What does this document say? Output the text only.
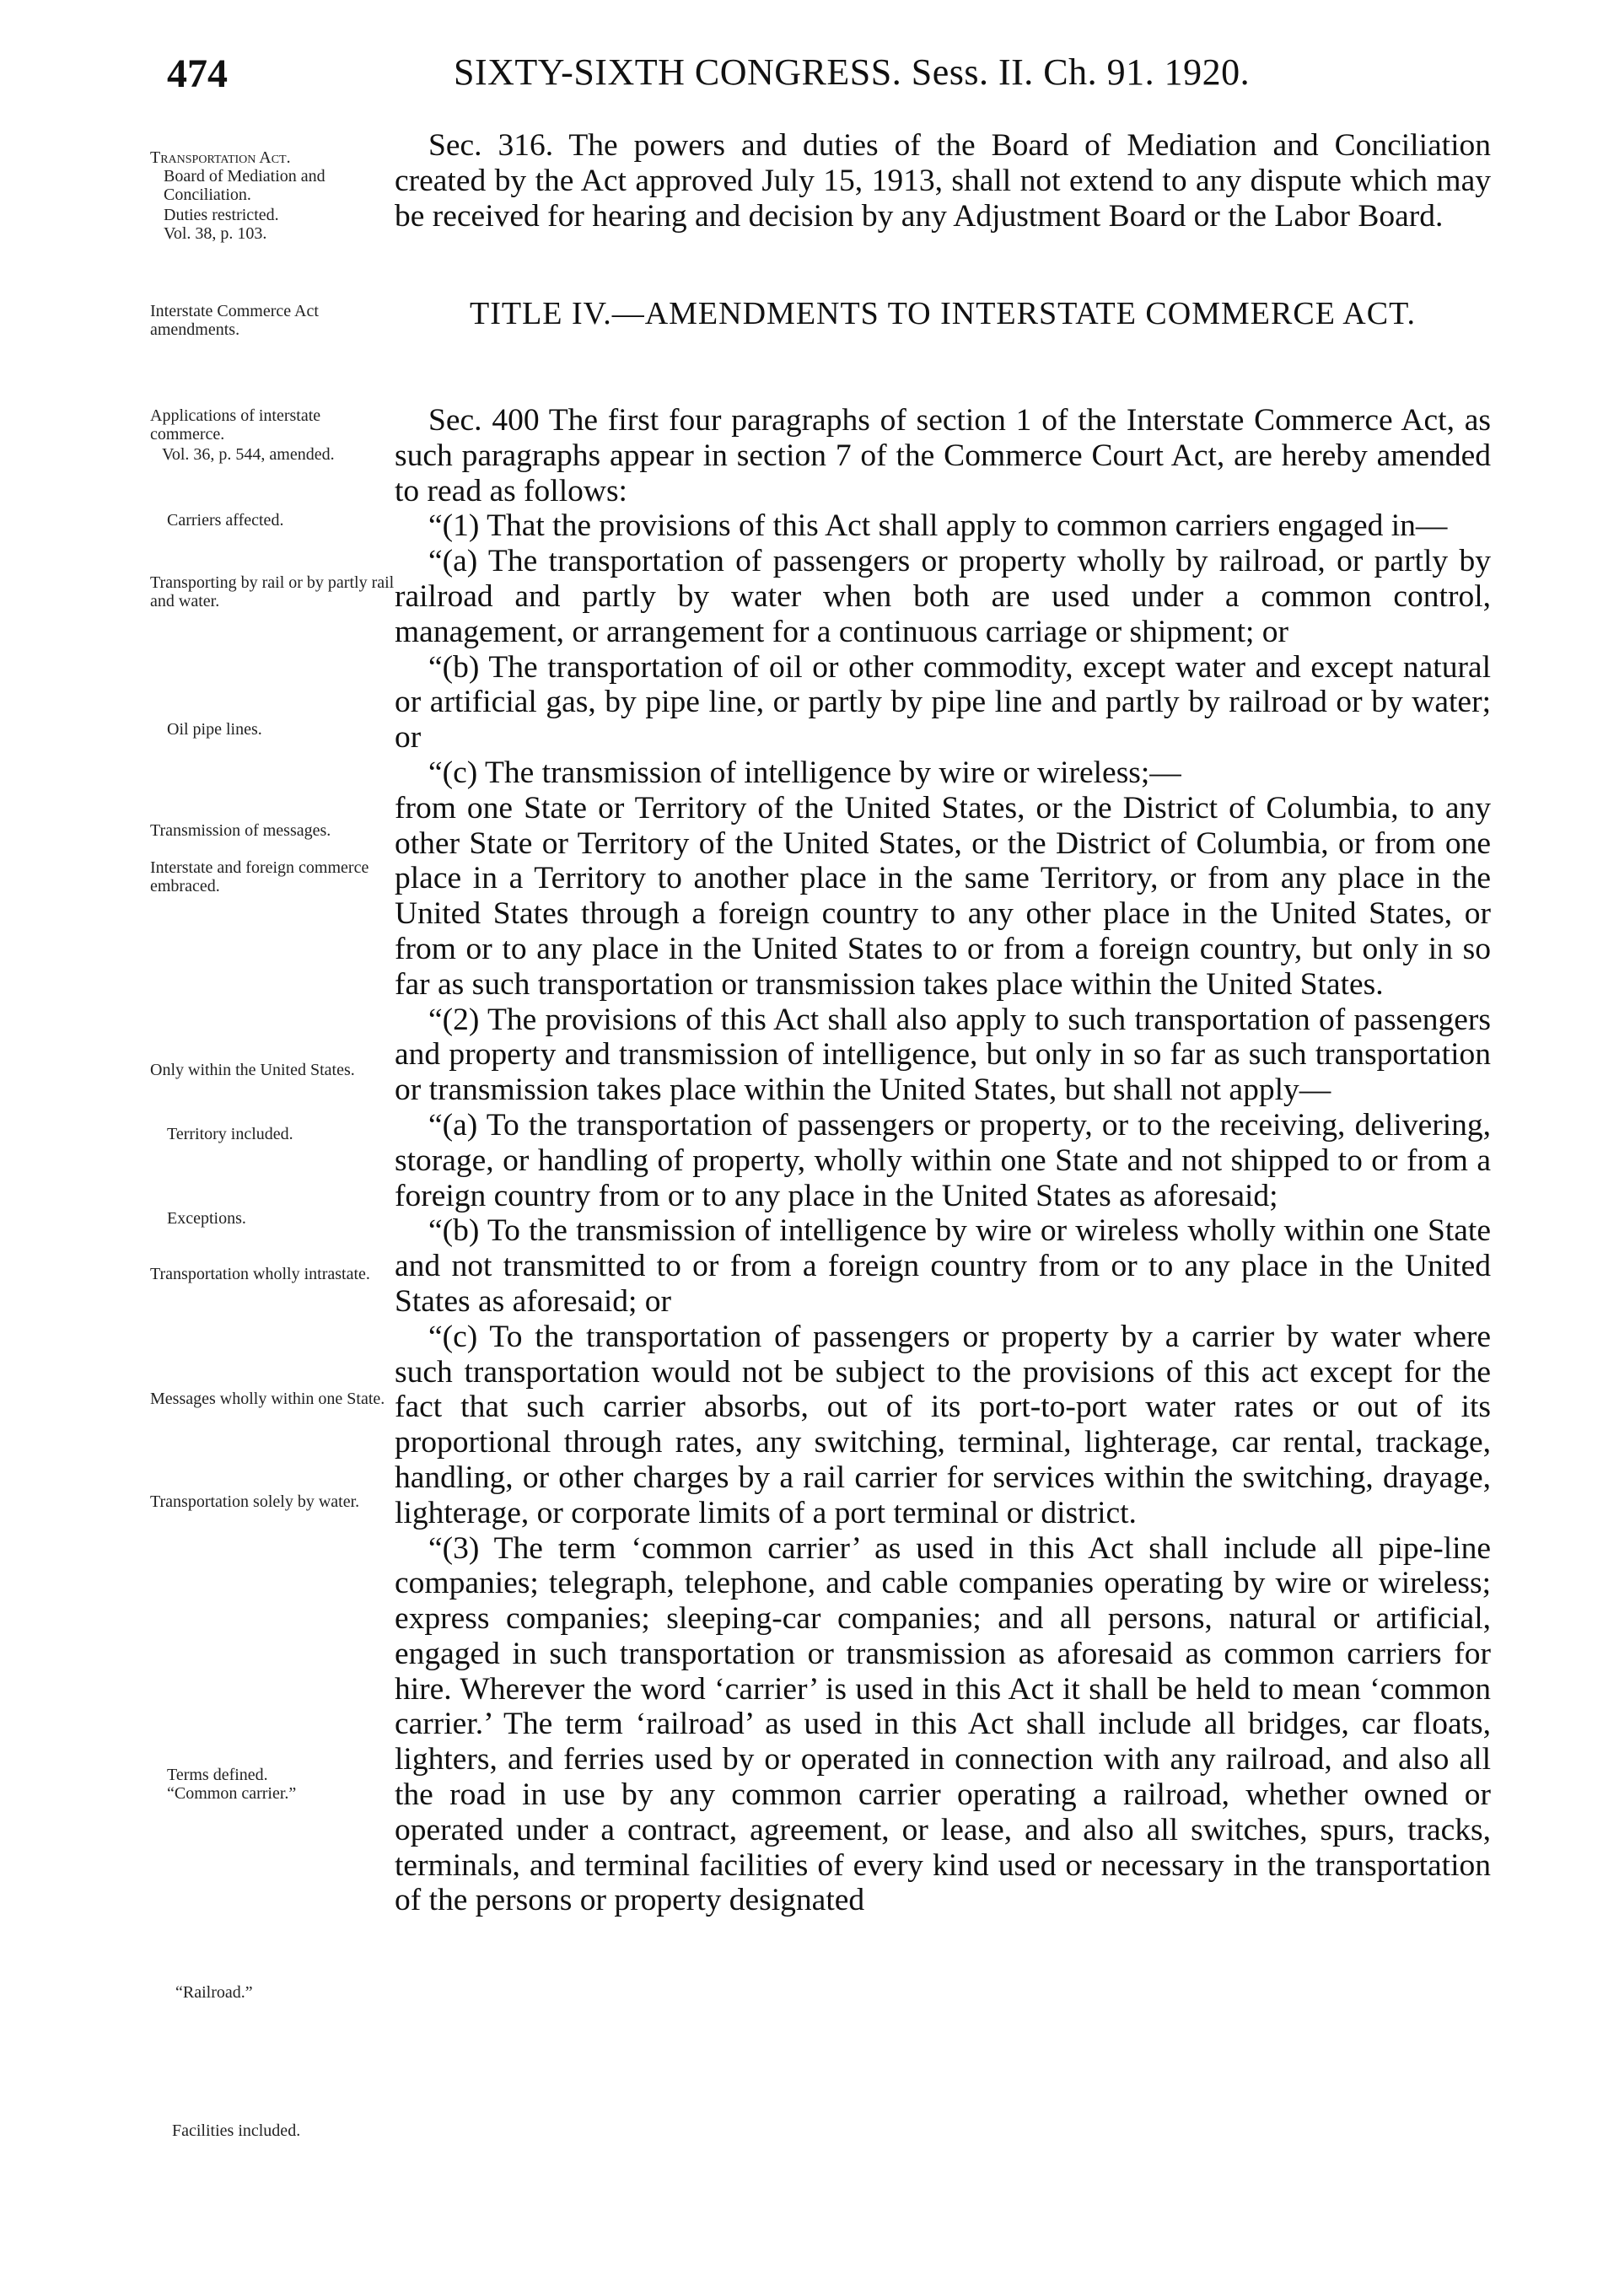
474	SIXTY-SIXTH CONGRESS. Sess. II. Ch. 91. 1920.
Transportation Act.
Board of Mediation and Conciliation.
Duties restricted.
Vol. 38, p. 103.
Interstate Commerce Act amendments.
Applications of interstate commerce.
Vol. 36, p. 544, amended.
Carriers affected.
Transporting by rail or by partly rail and water.
Oil pipe lines.
Transmission of messages.
Interstate and foreign commerce embraced.
Only within the United States.
Territory included.
Exceptions.
Transportation wholly intrastate.
Messages wholly within one State.
Transportation solely by water.
Terms defined.
“Common carrier.”
“Railroad.”
Facilities included.

Sec. 316. The powers and duties of the Board of Mediation and Conciliation created by the Act approved July 15, 1913, shall not extend to any dispute which may be received for hearing and decision by any Adjustment Board or the Labor Board.

TITLE IV.—AMENDMENTS TO INTERSTATE COMMERCE ACT.

Sec. 400 The first four paragraphs of section 1 of the Interstate Commerce Act, as such paragraphs appear in section 7 of the Commerce Court Act, are hereby amended to read as follows:

“(1) That the provisions of this Act shall apply to common carriers engaged in—

“(a) The transportation of passengers or property wholly by railroad, or partly by railroad and partly by water when both are used under a common control, management, or arrangement for a continuous carriage or shipment; or

“(b) The transportation of oil or other commodity, except water and except natural or artificial gas, by pipe line, or partly by pipe line and partly by railroad or by water; or

“(c) The transmission of intelligence by wire or wireless;—

from one State or Territory of the United States, or the District of Columbia, to any other State or Territory of the United States, or the District of Columbia, or from one place in a Territory to another place in the same Territory, or from any place in the United States through a foreign country to any other place in the United States, or from or to any place in the United States to or from a foreign country, but only in so far as such transportation or transmission takes place within the United States.

“(2) The provisions of this Act shall also apply to such transportation of passengers and property and transmission of intelligence, but only in so far as such transportation or transmission takes place within the United States, but shall not apply—

“(a) To the transportation of passengers or property, or to the receiving, delivering, storage, or handling of property, wholly within one State and not shipped to or from a foreign country from or to any place in the United States as aforesaid;

“(b) To the transmission of intelligence by wire or wireless wholly within one State and not transmitted to or from a foreign country from or to any place in the United States as aforesaid; or

“(c) To the transportation of passengers or property by a carrier by water where such transportation would not be subject to the provisions of this act except for the fact that such carrier absorbs, out of its port-to-port water rates or out of its proportional through rates, any switching, terminal, lighterage, car rental, trackage, handling, or other charges by a rail carrier for services within the switching, drayage, lighterage, or corporate limits of a port terminal or district.

“(3) The term ‘common carrier’ as used in this Act shall include all pipe-line companies; telegraph, telephone, and cable companies operating by wire or wireless; express companies; sleeping-car companies; and all persons, natural or artificial, engaged in such transportation or transmission as aforesaid as common carriers for hire. Wherever the word ‘carrier’ is used in this Act it shall be held to mean ‘common carrier.’ The term ‘railroad’ as used in this Act shall include all bridges, car floats, lighters, and ferries used by or operated in connection with any railroad, and also all the road in use by any common carrier operating a railroad, whether owned or operated under a contract, agreement, or lease, and also all switches, spurs, tracks, terminals, and terminal facilities of every kind used or necessary in the transportation of the persons or property designated
